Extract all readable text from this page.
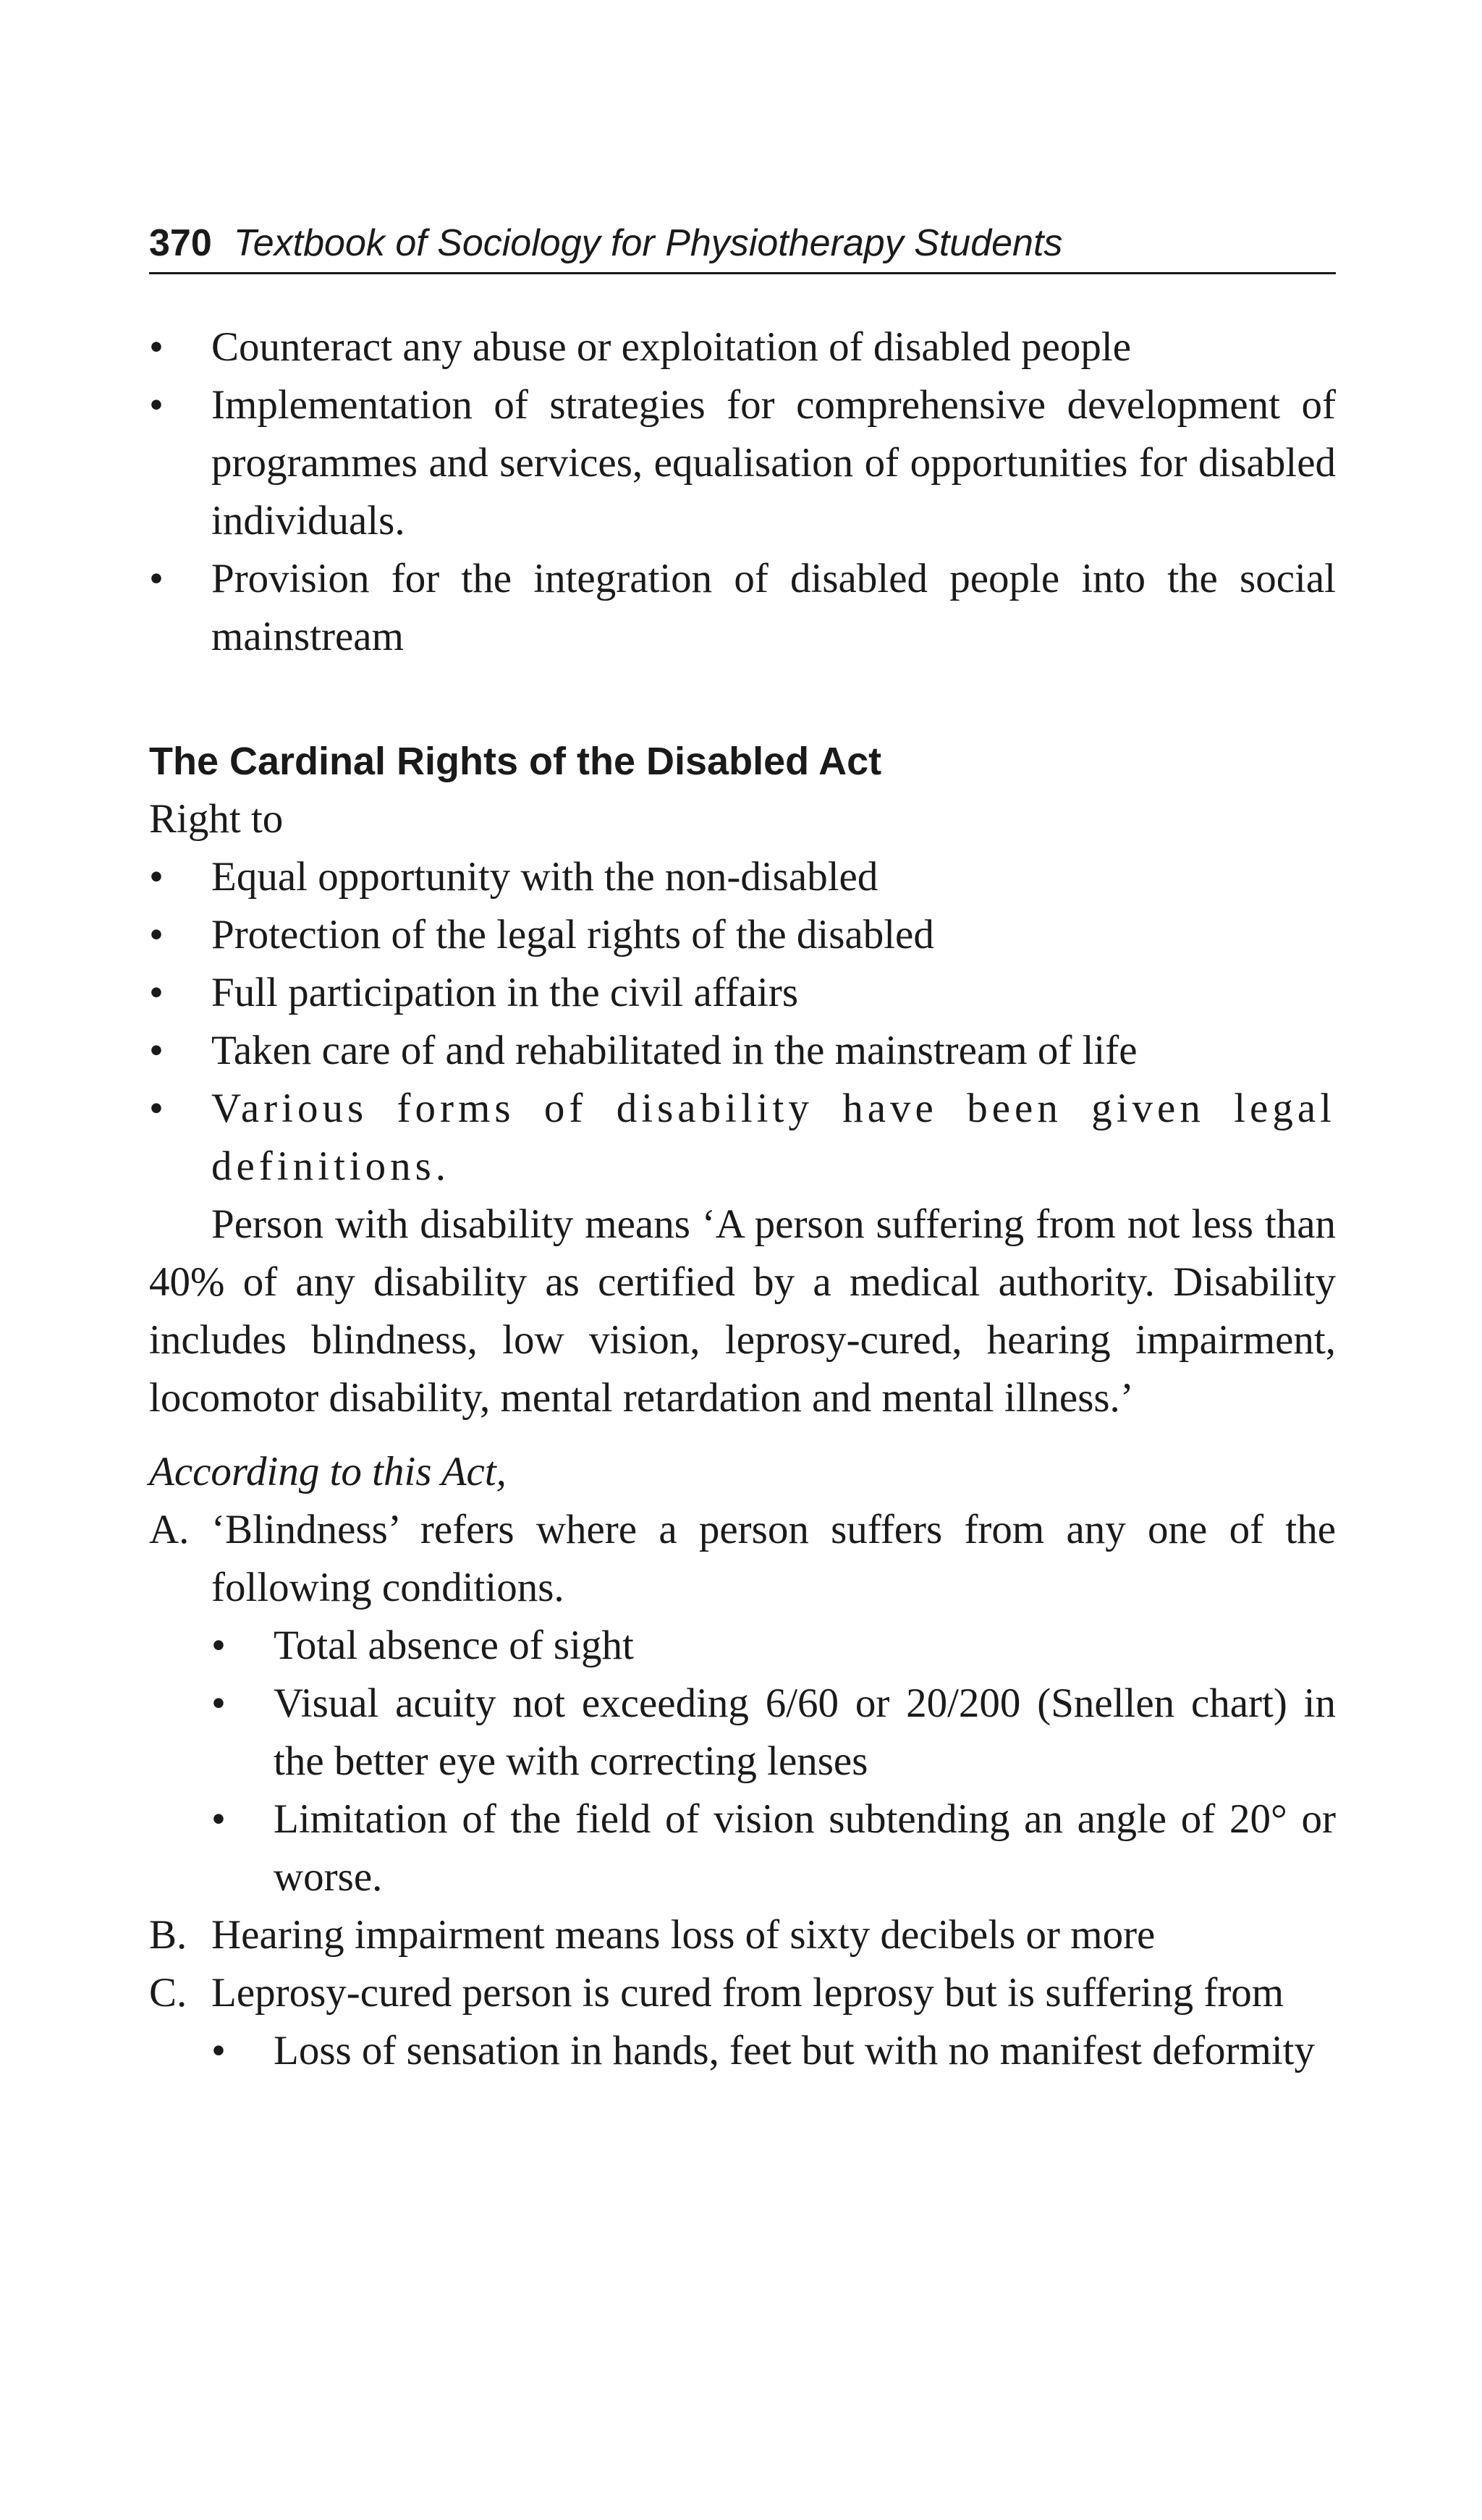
370 Textbook of Sociology for Physiotherapy Students
• Counteract any abuse or exploitation of disabled people
• Implementation of strategies for comprehensive development of programmes and services, equalisation of opportunities for disabled individuals.
• Provision for the integration of disabled people into the social mainstream
The Cardinal Rights of the Disabled Act

Right to

• Equal opportunity with the non-disabled
• Protection of the legal rights of the disabled
• Full participation in the civil affairs
• Taken care of and rehabilitated in the mainstream of life
• Various forms of disability have been given legal definitions.

Person with disability means ‘A person suffering from not less than 40% of any disability as certified by a medical authority. Disability includes blindness, low vision, leprosy-cured, hearing impairment, locomotor disability, mental retardation and mental illness.’

According to this Act,

A. ‘Blindness’ refers where a person suffers from any one of the following conditions.
• Total absence of sight
• Visual acuity not exceeding 6/60 or 20/200 (Snellen chart) in the better eye with correcting lenses
• Limitation of the field of vision subtending an angle of 20° or worse.
B. Hearing impairment means loss of sixty decibels or more
C. Leprosy-cured person is cured from leprosy but is suffering from
• Loss of sensation in hands, feet but with no manifest deformity
